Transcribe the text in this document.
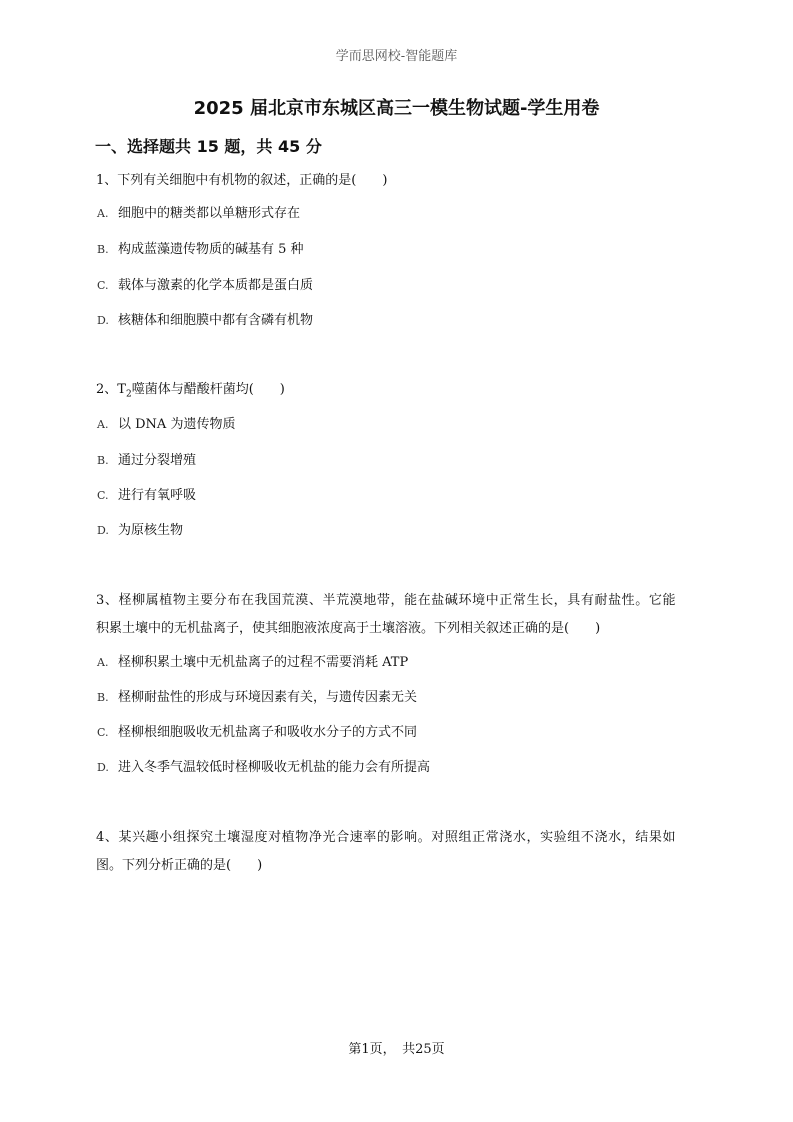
学而思网校-智能题库
2025 届北京市东城区高三一模生物试题-学生用卷
一、选择题共 15 题，共 45 分
1、下列有关细胞中有机物的叙述，正确的是(　　)
A. 细胞中的糖类都以单糖形式存在
B. 构成蓝藻遗传物质的碱基有 5 种
C. 载体与激素的化学本质都是蛋白质
D. 核糖体和细胞膜中都有含磷有机物
2、$T_2$噬菌体与醋酸杆菌均(　　)
A. 以 DNA 为遗传物质
B. 通过分裂增殖
C. 进行有氧呼吸
D. 为原核生物
3、柽柳属植物主要分布在我国荒漠、半荒漠地带，能在盐碱环境中正常生长，具有耐盐性。它能
积累土壤中的无机盐离子，使其细胞液浓度高于土壤溶液。下列相关叙述正确的是(　　)
A. 柽柳积累土壤中无机盐离子的过程不需要消耗 ATP
B. 柽柳耐盐性的形成与环境因素有关，与遗传因素无关
C. 柽柳根细胞吸收无机盐离子和吸收水分子的方式不同
D. 进入冬季气温较低时柽柳吸收无机盐的能力会有所提高
4、某兴趣小组探究土壤湿度对植物净光合速率的影响。对照组正常浇水，实验组不浇水，结果如
图。下列分析正确的是(　　)
第1页，　共25页
